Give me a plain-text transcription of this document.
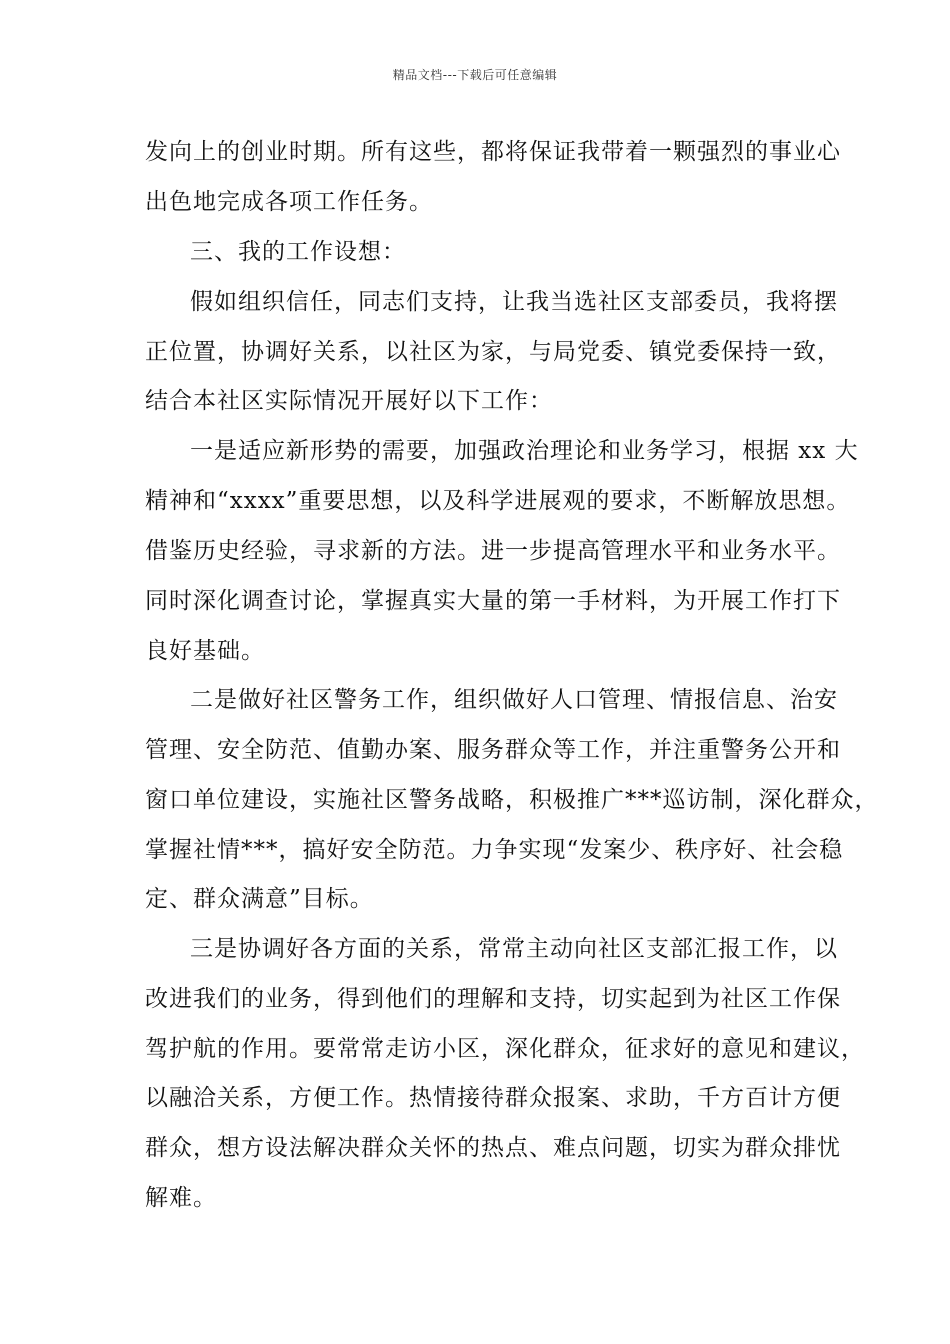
精品文档---下载后可任意编辑
发向上的创业时期。所有这些，都将保证我带着一颗强烈的事业心
出色地完成各项工作任务。
三、我的工作设想：
假如组织信任，同志们支持，让我当选社区支部委员，我将摆
正位置，协调好关系，以社区为家，与局党委、镇党委保持一致，
结合本社区实际情况开展好以下工作：
一是适应新形势的需要，加强政治理论和业务学习，根据 xx 大
精神和“xxxx”重要思想，以及科学进展观的要求，不断解放思想。
借鉴历史经验，寻求新的方法。进一步提高管理水平和业务水平。
同时深化调查讨论，掌握真实大量的第一手材料，为开展工作打下
良好基础。
二是做好社区警务工作，组织做好人口管理、情报信息、治安
管理、安全防范、值勤办案、服务群众等工作，并注重警务公开和
窗口单位建设，实施社区警务战略，积极推广***巡访制，深化群众，
掌握社情***，搞好安全防范。力争实现“发案少、秩序好、社会稳
定、群众满意”目标。
三是协调好各方面的关系，常常主动向社区支部汇报工作，以
改进我们的业务，得到他们的理解和支持，切实起到为社区工作保
驾护航的作用。要常常走访小区，深化群众，征求好的意见和建议，
以融洽关系，方便工作。热情接待群众报案、求助，千方百计方便
群众，想方设法解决群众关怀的热点、难点问题，切实为群众排忧
解难。
